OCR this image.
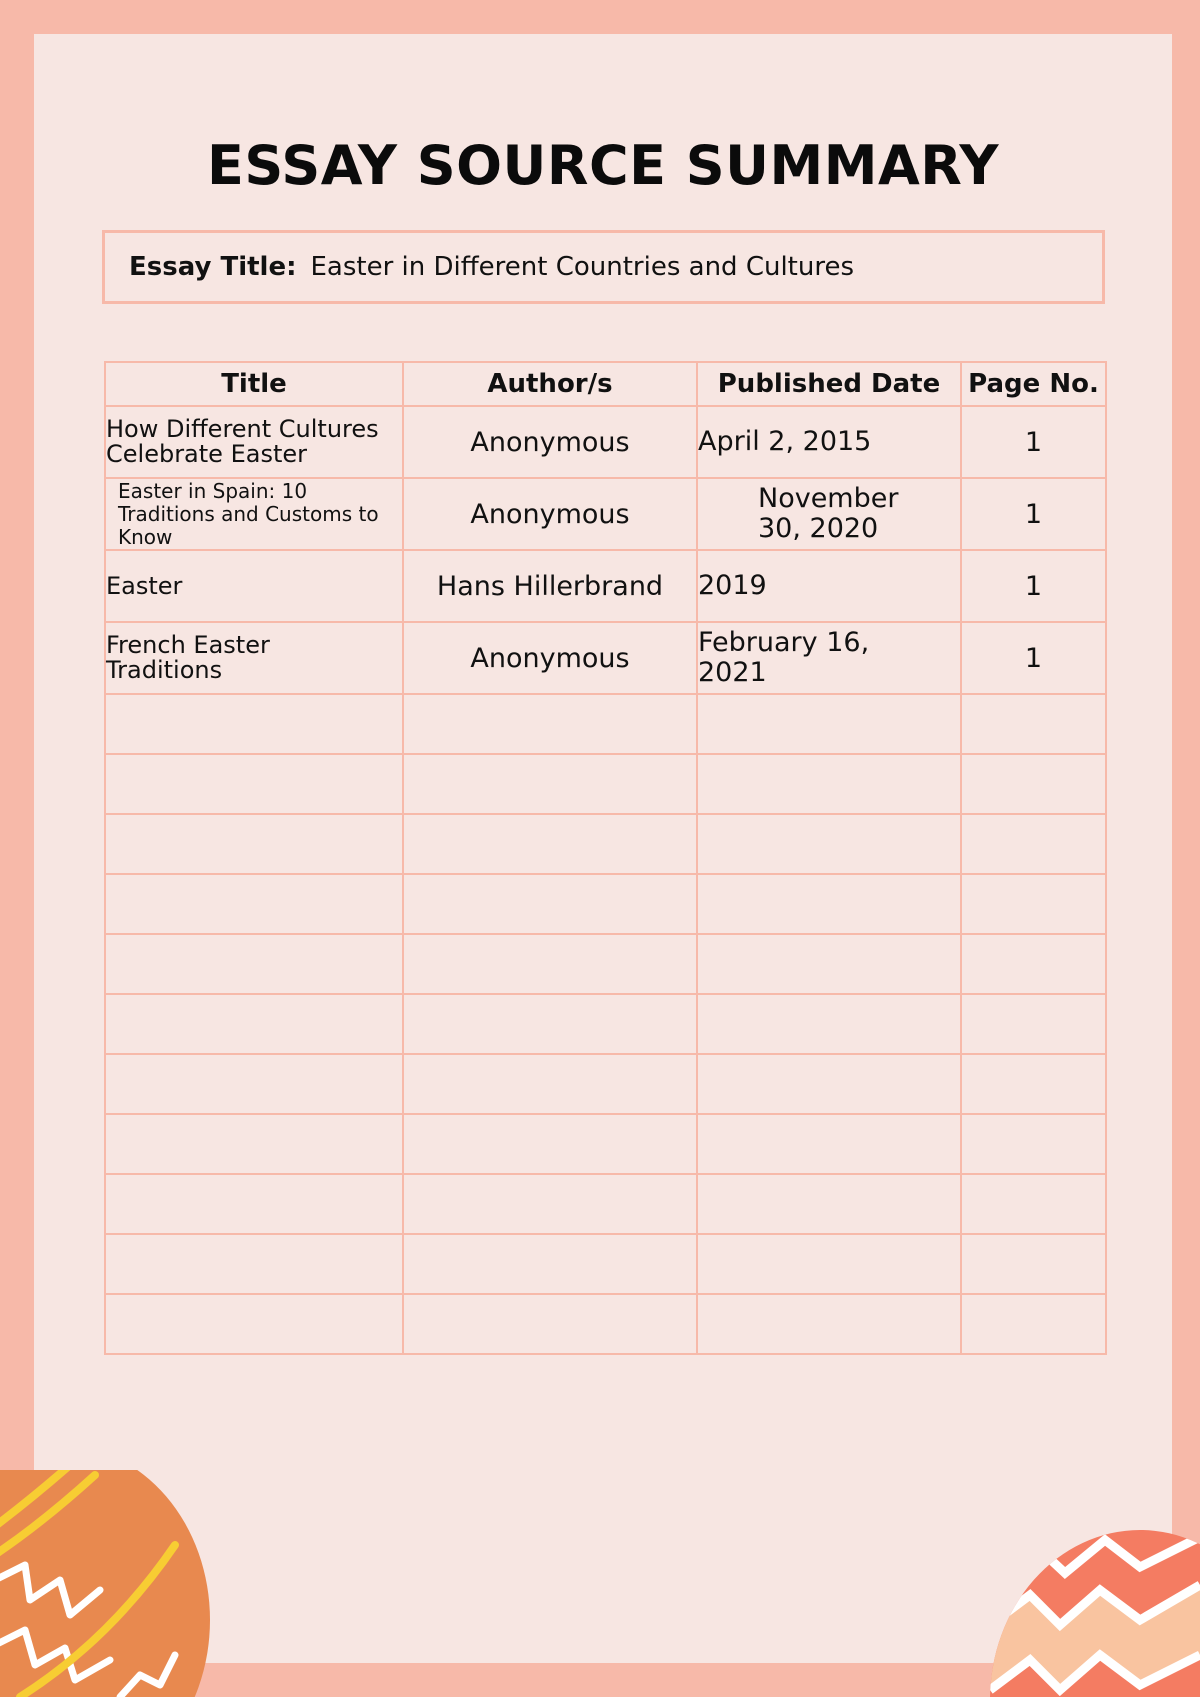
ESSAY SOURCE SUMMARY
Essay Title: Easter in Different Countries and Cultures
Title	Author/s	Published Date	Page No.
How Different Cultures Celebrate Easter	Anonymous	April 2, 2015	1
Easter in Spain: 10 Traditions and Customs to Know	Anonymous	November 30, 2020	1
Easter	Hans Hillerbrand	2019	1
French Easter Traditions	Anonymous	February 16, 2021	1
